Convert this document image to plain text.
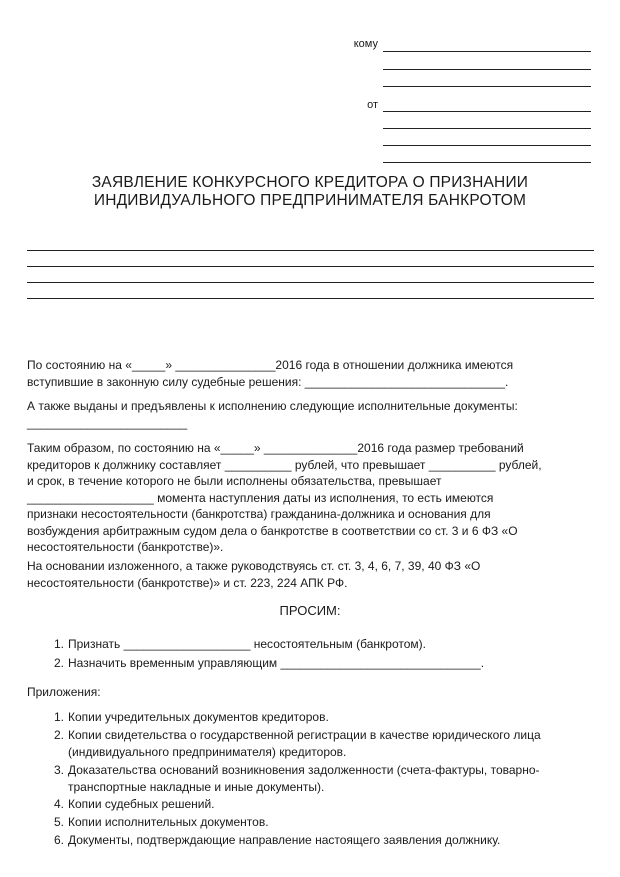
кому
от
ЗАЯВЛЕНИЕ КОНКУРСНОГО КРЕДИТОРА О ПРИЗНАНИИ
ИНДИВИДУАЛЬНОГО ПРЕДПРИНИМАТЕЛЯ БАНКРОТОМ
По состоянию на «_____» _______________2016 года в отношении должника имеются
вступившие в законную силу судебные решения: ______________________________.
А также выданы и предъявлены к исполнению следующие исполнительные документы:
________________________
Таким образом, по состоянию на «_____» ______________2016 года размер требований
кредиторов к должнику составляет __________ рублей, что превышает __________ рублей,
и срок, в течение которого не были исполнены обязательства, превышает
___________________ момента наступления даты из исполнения, то есть имеются
признаки несостоятельности (банкротства) гражданина-должника и основания для
возбуждения арбитражным судом дела о банкротстве в соответствии со ст. 3 и 6 ФЗ «О
несостоятельности (банкротстве)».
На основании изложенного, а также руководствуясь ст. ст. 3, 4, 6, 7, 39, 40 ФЗ «О
несостоятельности (банкротстве)» и ст. 223, 224 АПК РФ.
ПРОСИМ:
1. Признать ___________________ несостоятельным (банкротом).
2. Назначить временным управляющим ______________________________.
Приложения:
1. Копии учредительных документов кредиторов.
2. Копии свидетельства о государственной регистрации в качестве юридического лица
(индивидуального предпринимателя) кредиторов.
3. Доказательства оснований возникновения задолженности (счета-фактуры, товарно-
транспортные накладные и иные документы).
4. Копии судебных решений.
5. Копии исполнительных документов.
6. Документы, подтверждающие направление настоящего заявления должнику.
